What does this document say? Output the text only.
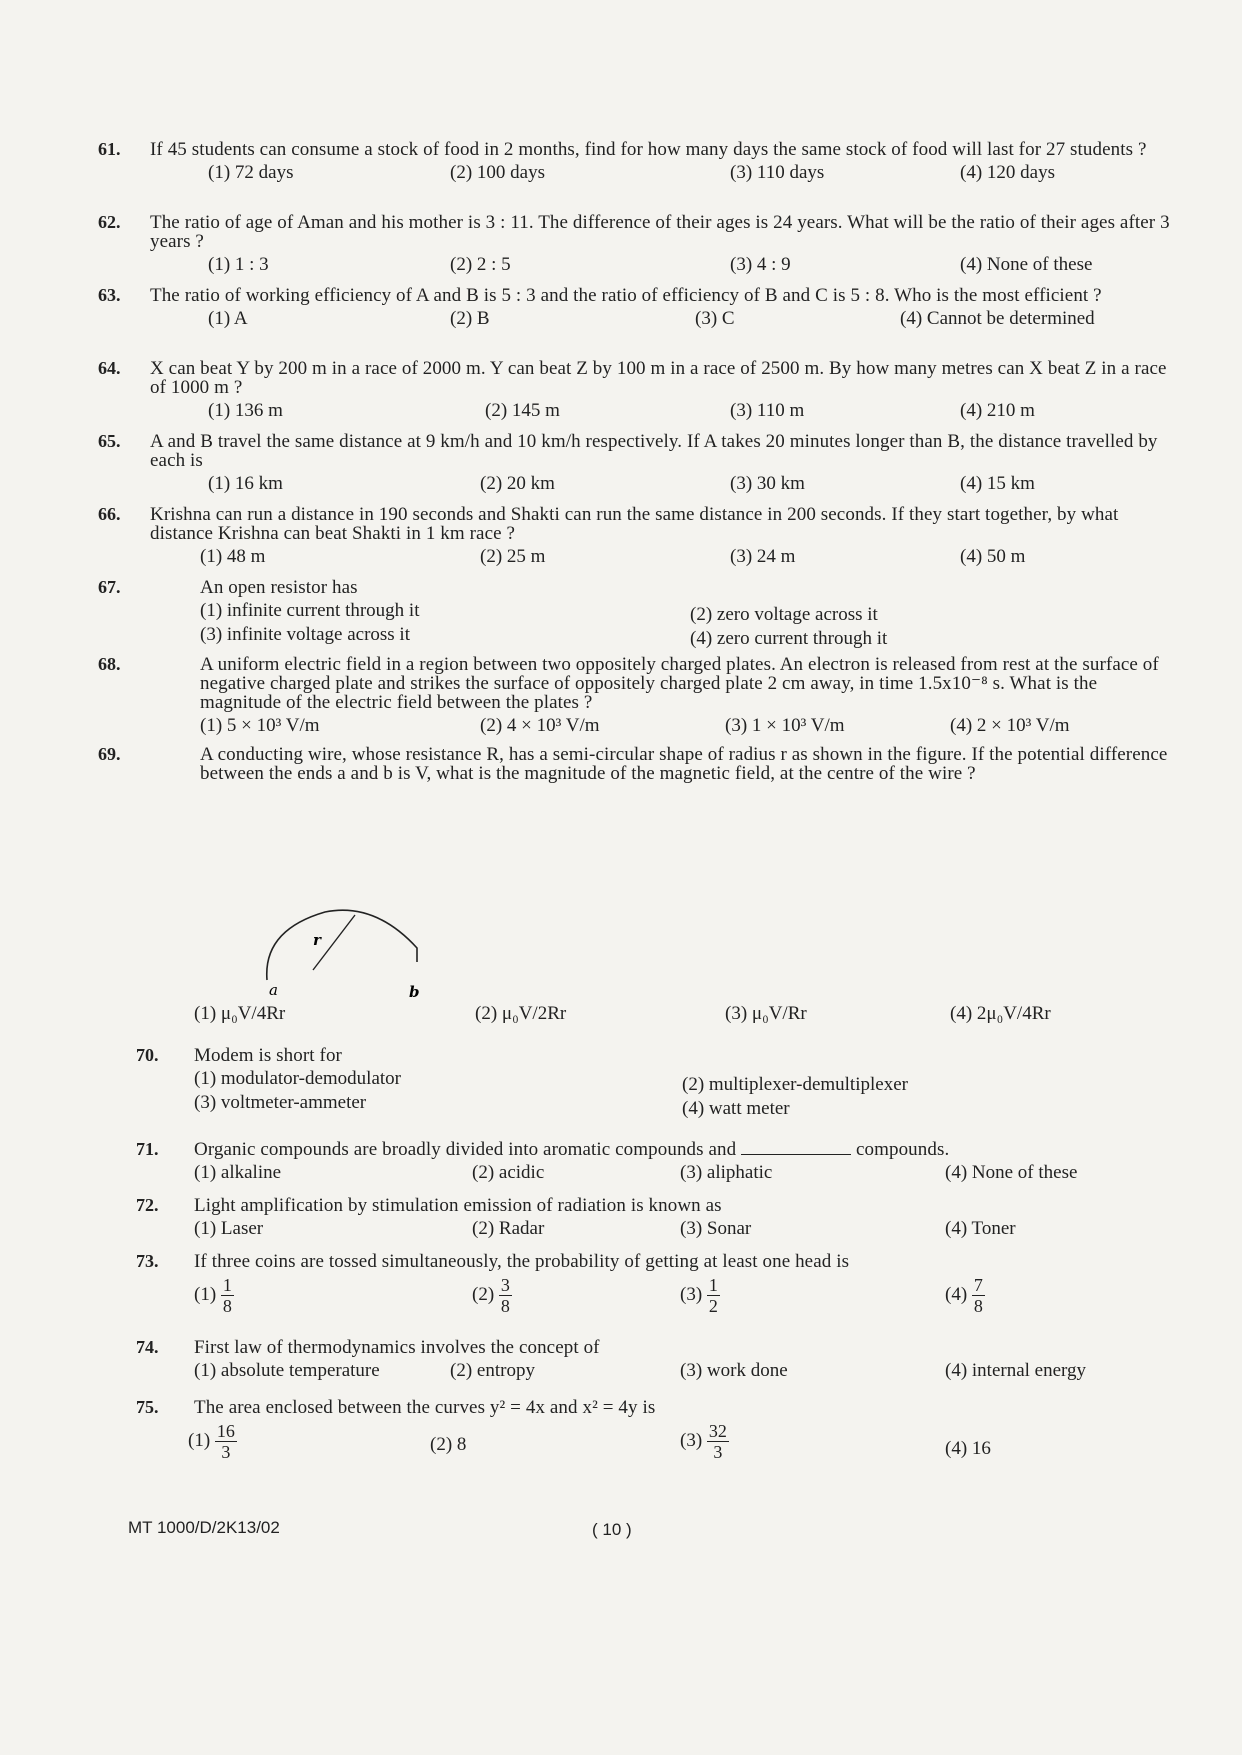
61. If 45 students can consume a stock of food in 2 months, find for how many days the same stock of food will last for 27 students ?
(1) 72 days	(2) 100 days	(3) 110 days	(4) 120 days
62. The ratio of age of Aman and his mother is 3 : 11. The difference of their ages is 24 years. What will be the ratio of their ages after 3 years ?
(1) 1 : 3	(2) 2 : 5	(3) 4 : 9	(4) None of these
63. The ratio of working efficiency of A and B is 5 : 3 and the ratio of efficiency of B and C is 5 : 8. Who is the most efficient ?
(1) A	(2) B	(3) C	(4) Cannot be determined
64. X can beat Y by 200 m in a race of 2000 m. Y can beat Z by 100 m in a race of 2500 m. By how many metres can X beat Z in a race of 1000 m ?
(1) 136 m	(2) 145 m	(3) 110 m	(4) 210 m
65. A and B travel the same distance at 9 km/h and 10 km/h respectively. If A takes 20 minutes longer than B, the distance travelled by each is
(1) 16 km	(2) 20 km	(3) 30 km	(4) 15 km
66. Krishna can run a distance in 190 seconds and Shakti can run the same distance in 200 seconds. If they start together, by what distance Krishna can beat Shakti in 1 km race ?
(1) 48 m	(2) 25 m	(3) 24 m	(4) 50 m
67.	An open resistor has
(1) infinite current through it	(2) zero voltage across it
(3) infinite voltage across it	(4) zero current through it
68.	A uniform electric field in a region between two oppositely charged plates. An electron is released from rest at the surface of negative charged plate and strikes the surface of oppositely charged plate 2 cm away, in time 1.5x10⁻⁸ s. What is the magnitude of the electric field between the plates ?
(1) 5 × 10³ V/m	(2) 4 × 10³ V/m	(3) 1 × 10³ V/m	(4) 2 × 10³ V/m
69.	A conducting wire, whose resistance R, has a semi-circular shape of radius r as shown in the figure. If the potential difference between the ends a and b is V, what is the magnitude of the magnetic field, at the centre of the wire ?
r
a	b
(1) μ₀V/4Rr	(2) μ₀V/2Rr	(3) μ₀V/Rr	(4) 2μ₀V/4Rr
70.	Modem is short for
(1) modulator-demodulator	(2) multiplexer-demultiplexer
(3) voltmeter-ammeter	(4) watt meter
71.	Organic compounds are broadly divided into aromatic compounds and	compounds.
(1) alkaline	(2) acidic	(3) aliphatic	(4) None of these
72.	Light amplification by stimulation emission of radiation is known as
(1) Laser	(2) Radar	(3) Sonar	(4) Toner
73.	If three coins are tossed simultaneously, the probability of getting at least one head is
$(1) \frac{1}{8}$	$(2) \frac{3}{8}$	$(3) \frac{1}{2}$	$(4) \frac{7}{8}$
74.	First law of thermodynamics involves the concept of
(1) absolute temperature	(2) entropy	(3) work done	(4) internal energy
75.	The area enclosed between the curves y² = 4x and x² = 4y is
$(1) \frac{16}{3}$	(2) 8	$(3) \frac{32}{3}$	(4) 16
MT 1000/D/2K13/02	( 10 )
